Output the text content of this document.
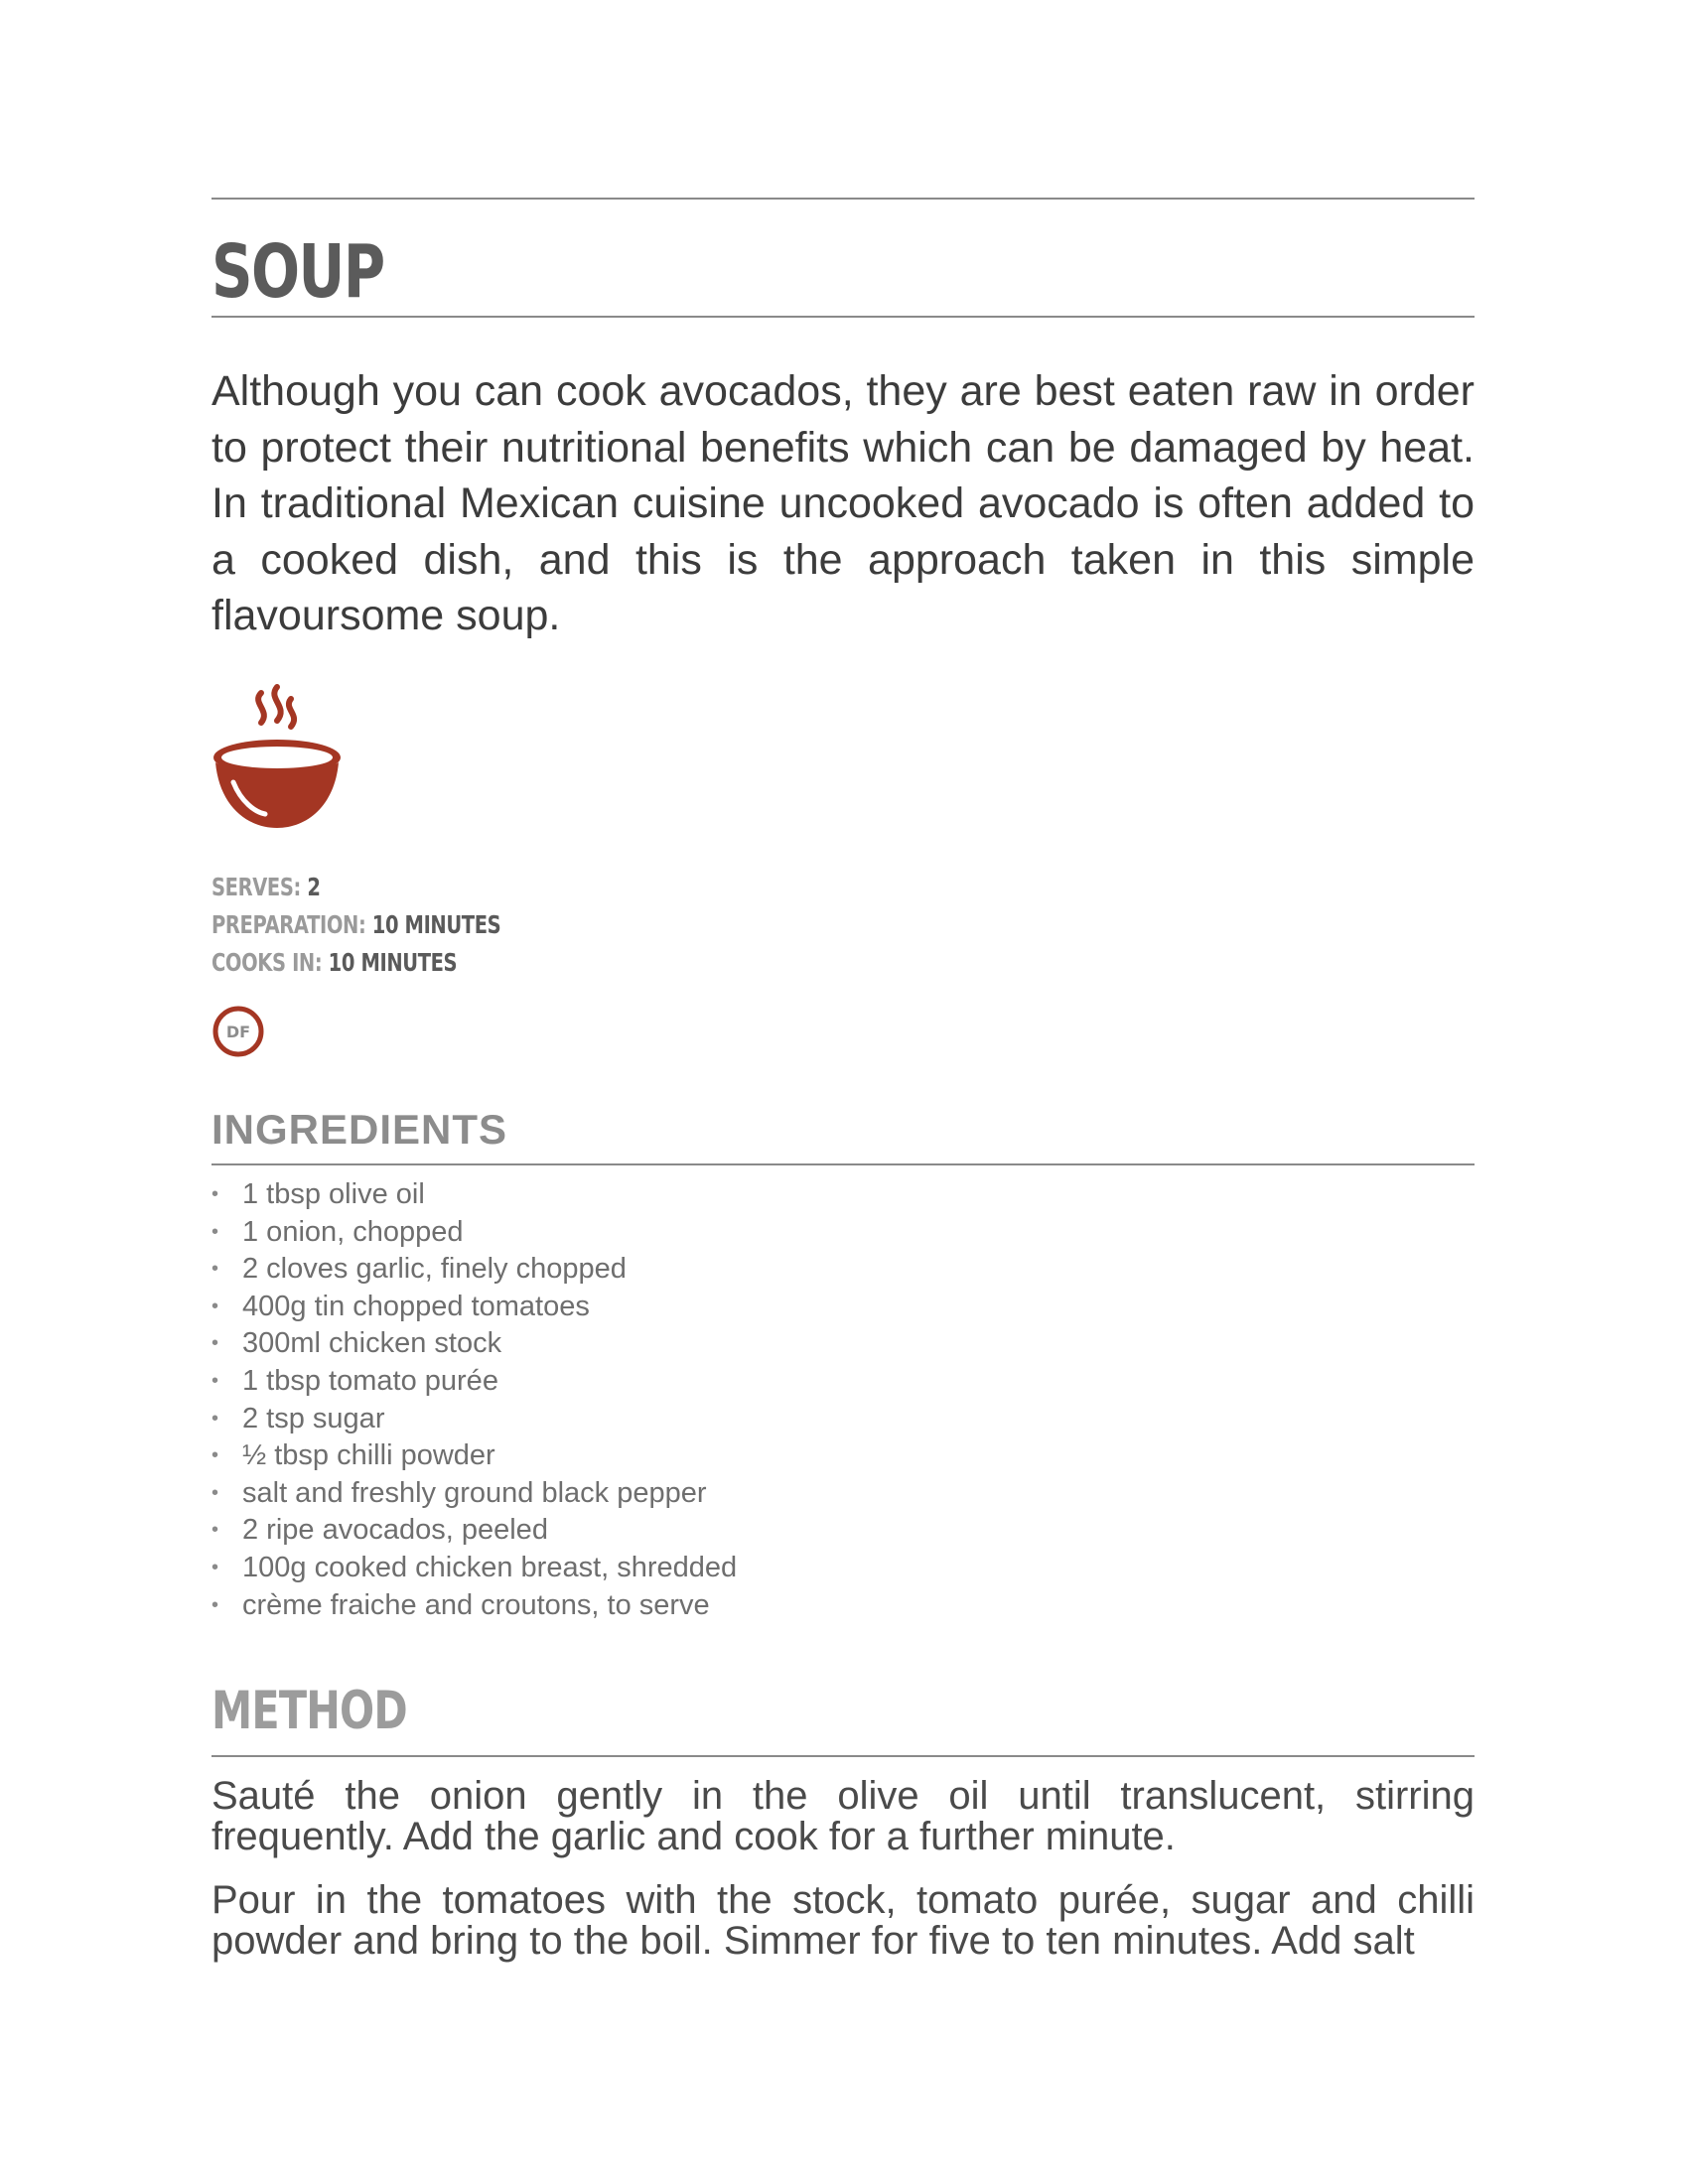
SOUP

Although you can cook avocados, they are best eaten raw in order to protect their nutritional benefits which can be damaged by heat. In traditional Mexican cuisine uncooked avocado is often added to a cooked dish, and this is the approach taken in this simple flavoursome soup.

SERVES: 2
PREPARATION: 10 MINUTES
COOKS IN: 10 MINUTES
DF
INGREDIENTS
• 1 tbsp olive oil
• 1 onion, chopped
• 2 cloves garlic, finely chopped
• 400g tin chopped tomatoes
• 300ml chicken stock
• 1 tbsp tomato purée
• 2 tsp sugar
• ½ tbsp chilli powder
• salt and freshly ground black pepper
• 2 ripe avocados, peeled
• 100g cooked chicken breast, shredded
• crème fraiche and croutons, to serve
METHOD

Sauté the onion gently in the olive oil until translucent, stirring frequently. Add the garlic and cook for a further minute.

Pour in the tomatoes with the stock, tomato purée, sugar and chilli powder and bring to the boil. Simmer for five to ten minutes. Add salt
